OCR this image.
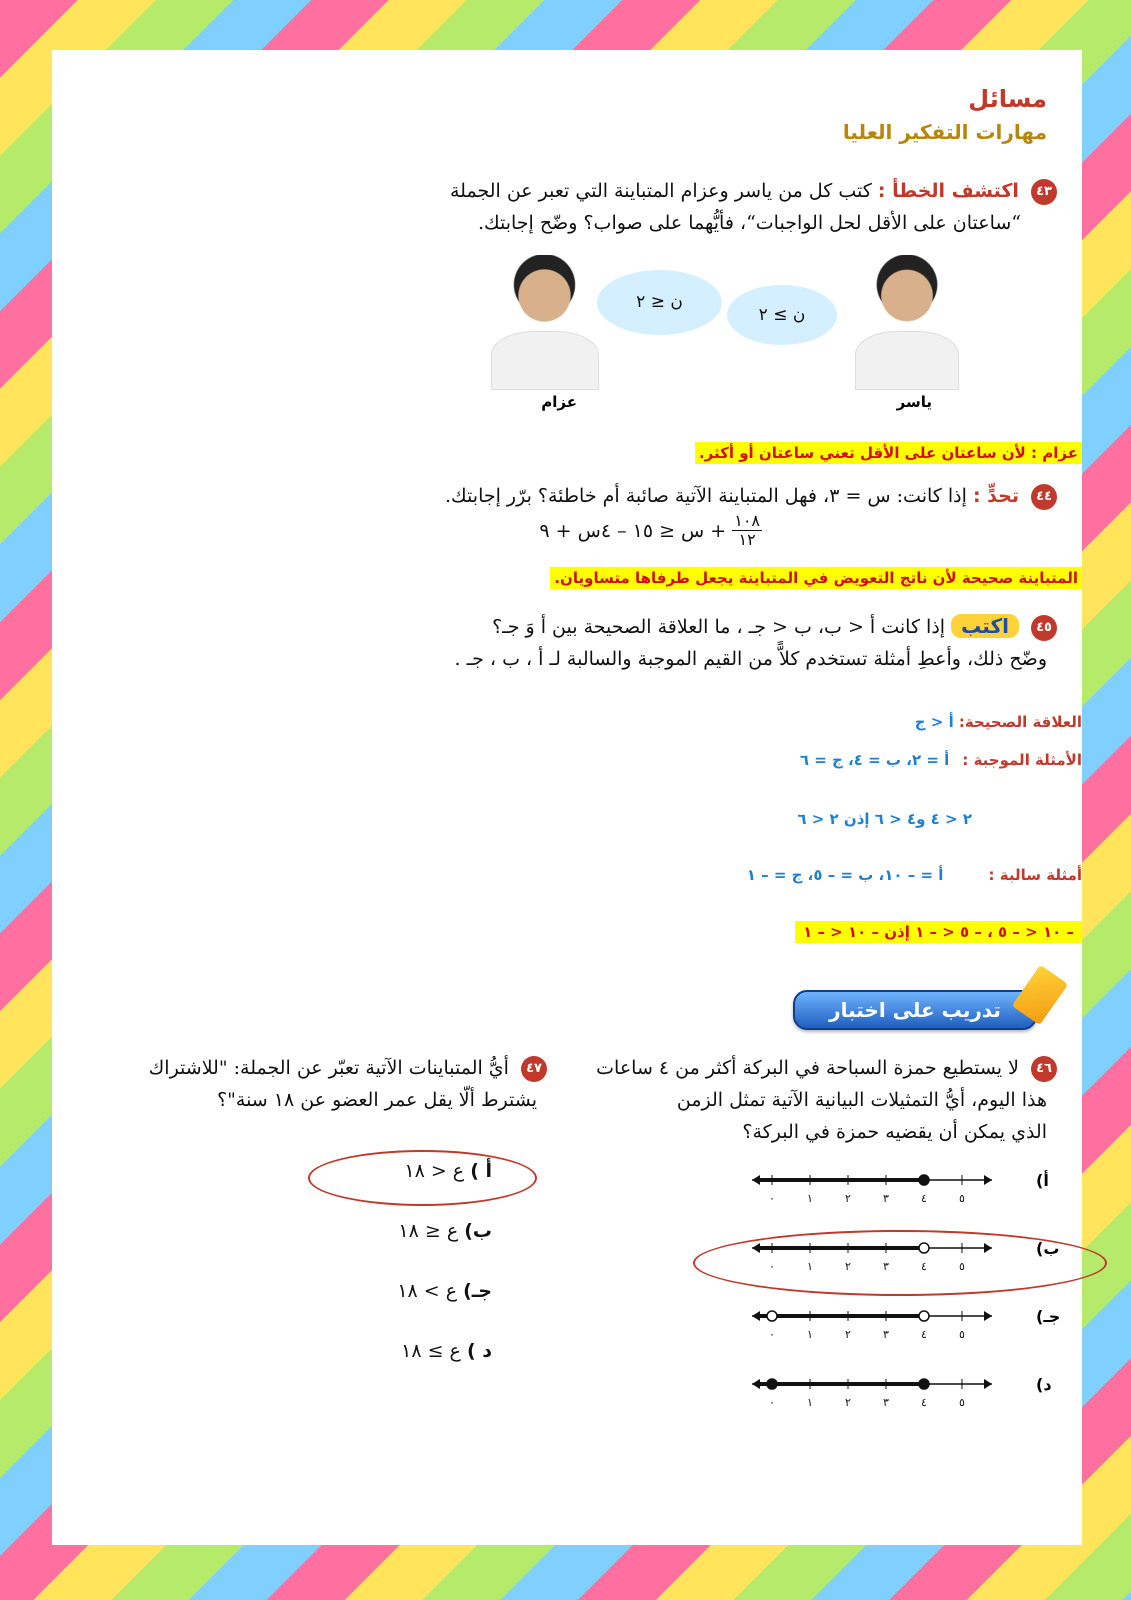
مسائل
مهارات التفكير العليا
٤٣ اكتشف الخطأ : كتب كل من ياسر وعزام المتباينة التي تعبر عن الجملة
“ساعتان على الأقل لحل الواجبات“، فأيُّهما على صواب؟ وضّح إجابتك.
ن ≥ ٢
ياسر
ن ≤ ٢
عزام
عزام : لأن ساعتان على الأقل تعني ساعتان أو أكثر.
٤٤ تحدٍّ : إذا كانت: س = ٣، فهل المتباينة الآتية صائبة أم خاطئة؟ برّر إجابتك.
١٠٨
١٢
+ س ≤ ١٥ – ٤س + ٩
المتباينة صحيحة لأن ناتج التعويض في المتباينة يجعل طرفاها متساويان.
٤٥ اكتب إذا كانت أ < ب، ب < جـ ، ما العلاقة الصحيحة بين أ وَ جـ؟
وضّح ذلك، وأعطِ أمثلة تستخدم كلاًّ من القيم الموجبة والسالبة لـ أ ، ب ، جـ .
العلاقة الصحيحة: أ < ج
الأمثلة الموجبة : أ = ٢، ب = ٤، ج = ٦
٢ < ٤ و٤ < ٦ إذن ٢ < ٦
أمثلة سالبة : أ = – ١٠، ب = – ٥، ج = – ١
– ١٠ < – ٥ ، – ٥ < – ١ إذن – ١٠ < – ١
تدريب على اختبار
٤٦ لا يستطيع حمزة السباحة في البركة أكثر من ٤ ساعات
هذا اليوم، أيُّ التمثيلات البيانية الآتية تمثل الزمن
الذي يمكن أن يقضيه حمزة في البركة؟
٠	١	٢	٣	٤	٥
أ)
٠	١	٢	٣	٤	٥
ب)
٠	١	٢	٣	٤	٥
جـ)
٠	١	٢	٣	٤	٥
د)
٤٧ أيُّ المتباينات الآتية تعبّر عن الجملة: "للاشتراك
يشترط ألّا يقل عمر العضو عن ١٨ سنة"؟
أ ) ع < ١٨
ب) ع ≤ ١٨
جـ) ع > ١٨
د ) ع ≥ ١٨
